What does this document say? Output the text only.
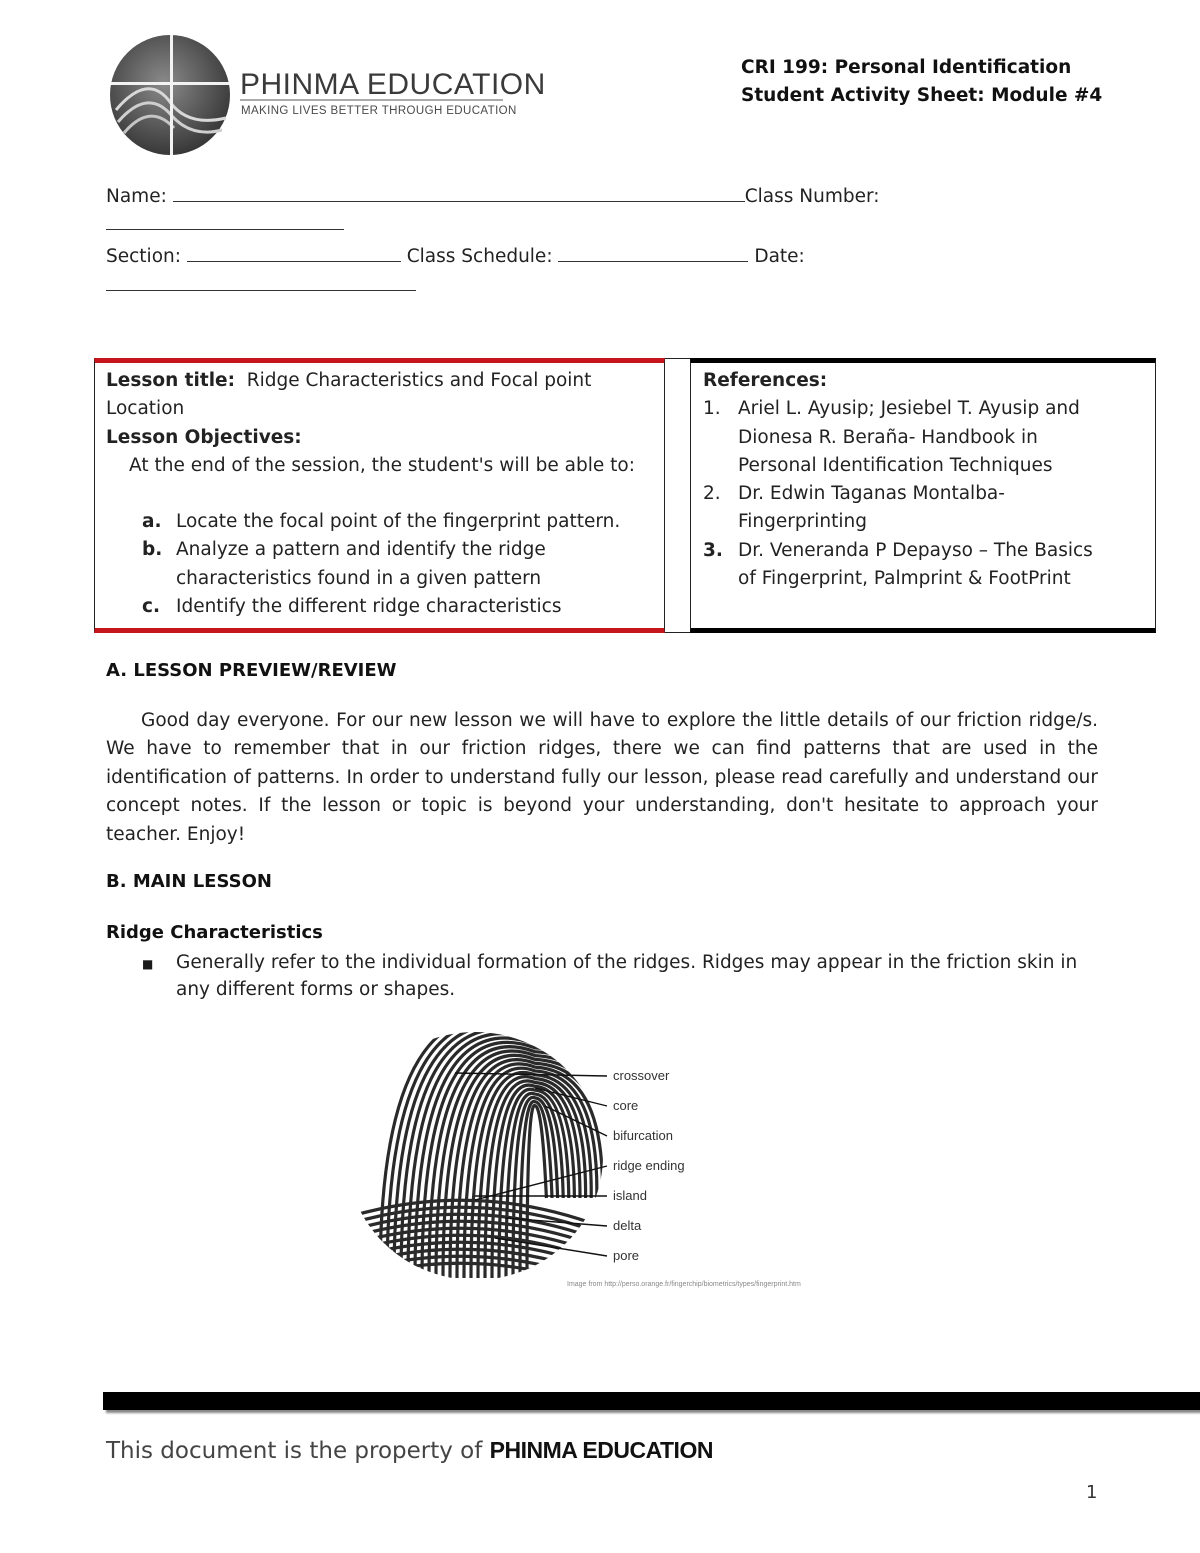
PHINMA EDUCATION
MAKING LIVES BETTER THROUGH EDUCATION
CRI 199: Personal Identification
Student Activity Sheet: Module #4
Name:	Class Number:
Section:	Class Schedule:	Date:
Lesson title: Ridge Characteristics and Focal point
Location
Lesson Objectives:
At the end of the session, the student's will be able to:
a. Locate the focal point of the fingerprint pattern.
b. Analyze a pattern and identify the ridge
characteristics found in a given pattern
c. Identify the different ridge characteristics
References:
1. Ariel L. Ayusip; Jesiebel T. Ayusip and
Dionesa R. Beraña- Handbook in
Personal Identification Techniques
2. Dr. Edwin Taganas Montalba-
Fingerprinting
3. Dr. Veneranda P Depayso – The Basics
of Fingerprint, Palmprint & FootPrint
A. LESSON PREVIEW/REVIEW
Good day everyone. For our new lesson we will have to explore the little details of our friction ridge/s. We have to remember that in our friction ridges, there we can find patterns that are used in the identification of patterns. In order to understand fully our lesson, please read carefully and understand our concept notes. If the lesson or topic is beyond your understanding, don't hesitate to approach your teacher. Enjoy!
B. MAIN LESSON
Ridge Characteristics
■ Generally refer to the individual formation of the ridges. Ridges may appear in the friction skin in any different forms or shapes.
crossover
core
bifurcation
ridge ending
island
delta
pore
Image from http://perso.orange.fr/fingerchip/biometrics/types/fingerprint.htm
This document is the property of PHINMA EDUCATION
1
